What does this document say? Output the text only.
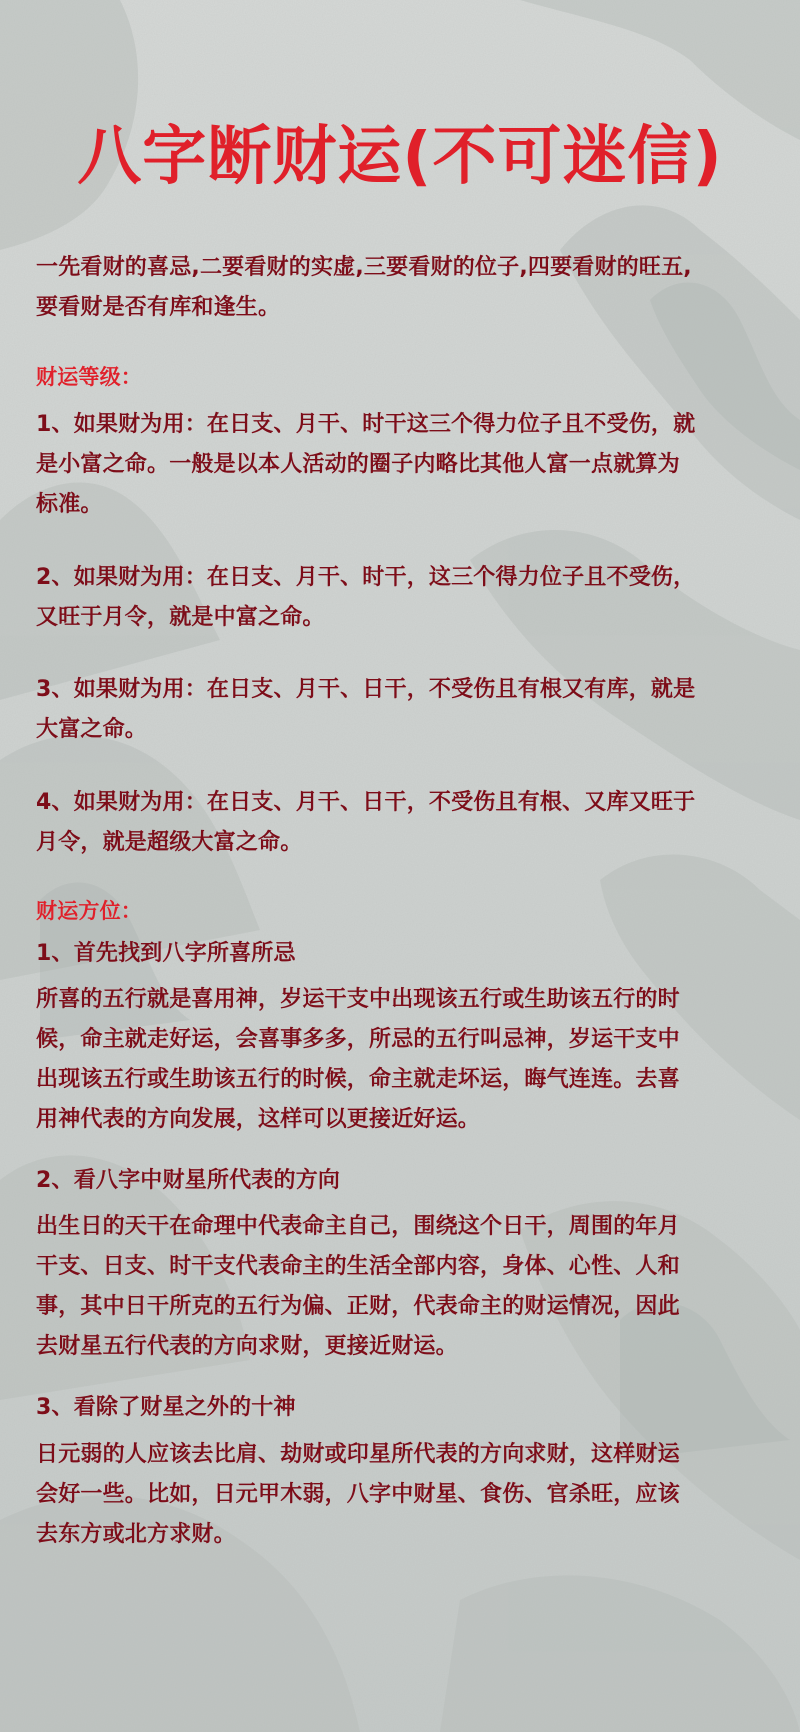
八字断财运(不可迷信)
一先看财的喜忌,二要看财的实虚,三要看财的位子,四要看财的旺五,
要看财是否有库和逢生。
财运等级：
1、如果财为用：在日支、月干、时干这三个得力位子且不受伤，就
是小富之命。一般是以本人活动的圈子内略比其他人富一点就算为
标准。
2、如果财为用：在日支、月干、时干，这三个得力位子且不受伤，
又旺于月令，就是中富之命。
3、如果财为用：在日支、月干、日干，不受伤且有根又有库，就是
大富之命。
4、如果财为用：在日支、月干、日干，不受伤且有根、又库又旺于
月令，就是超级大富之命。
财运方位：
1、首先找到八字所喜所忌
所喜的五行就是喜用神，岁运干支中出现该五行或生助该五行的时
候，命主就走好运，会喜事多多，所忌的五行叫忌神，岁运干支中
出现该五行或生助该五行的时候，命主就走坏运，晦气连连。去喜
用神代表的方向发展，这样可以更接近好运。
2、看八字中财星所代表的方向
出生日的天干在命理中代表命主自己，围绕这个日干，周围的年月
干支、日支、时干支代表命主的生活全部内容，身体、心性、人和
事，其中日干所克的五行为偏、正财，代表命主的财运情况，因此
去财星五行代表的方向求财，更接近财运。
3、看除了财星之外的十神
日元弱的人应该去比肩、劫财或印星所代表的方向求财，这样财运
会好一些。比如，日元甲木弱，八字中财星、食伤、官杀旺，应该
去东方或北方求财。
